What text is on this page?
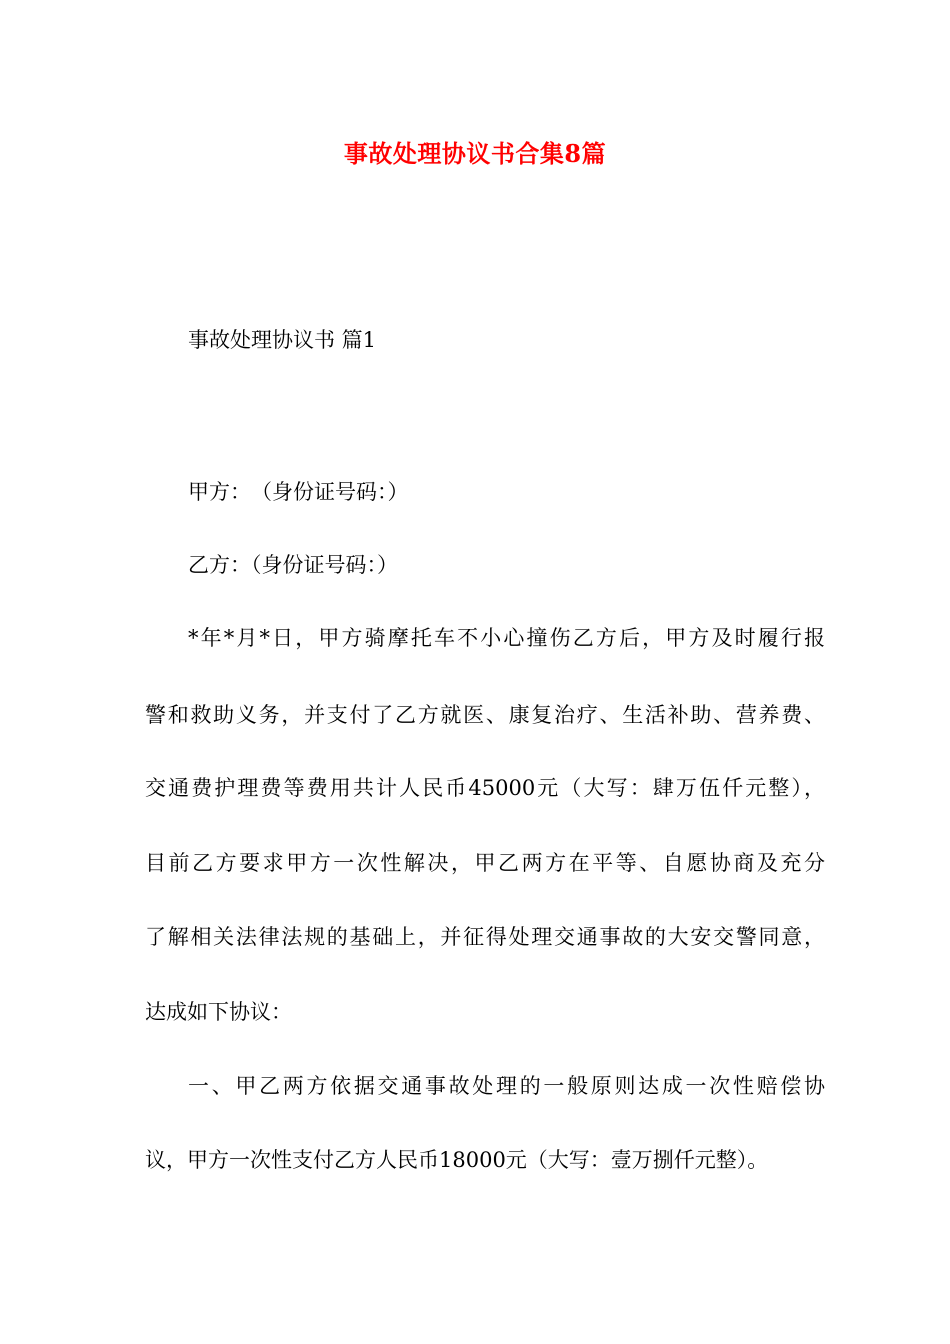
事故处理协议书合集8篇
事故处理协议书 篇1
甲方：　（身份证号码：）
乙方：（身份证号码：）
*年*月*日，甲方骑摩托车不小心撞伤乙方后，甲方及时履行报
警和救助义务，并支付了乙方就医、康复治疗、生活补助、营养费、
交通费护理费等费用共计人民币45000元（大写：肆万伍仟元整），
目前乙方要求甲方一次性解决，甲乙两方在平等、自愿协商及充分
了解相关法律法规的基础上，并征得处理交通事故的大安交警同意，
达成如下协议：
一、甲乙两方依据交通事故处理的一般原则达成一次性赔偿协
议，甲方一次性支付乙方人民币18000元（大写：壹万捌仟元整）。
